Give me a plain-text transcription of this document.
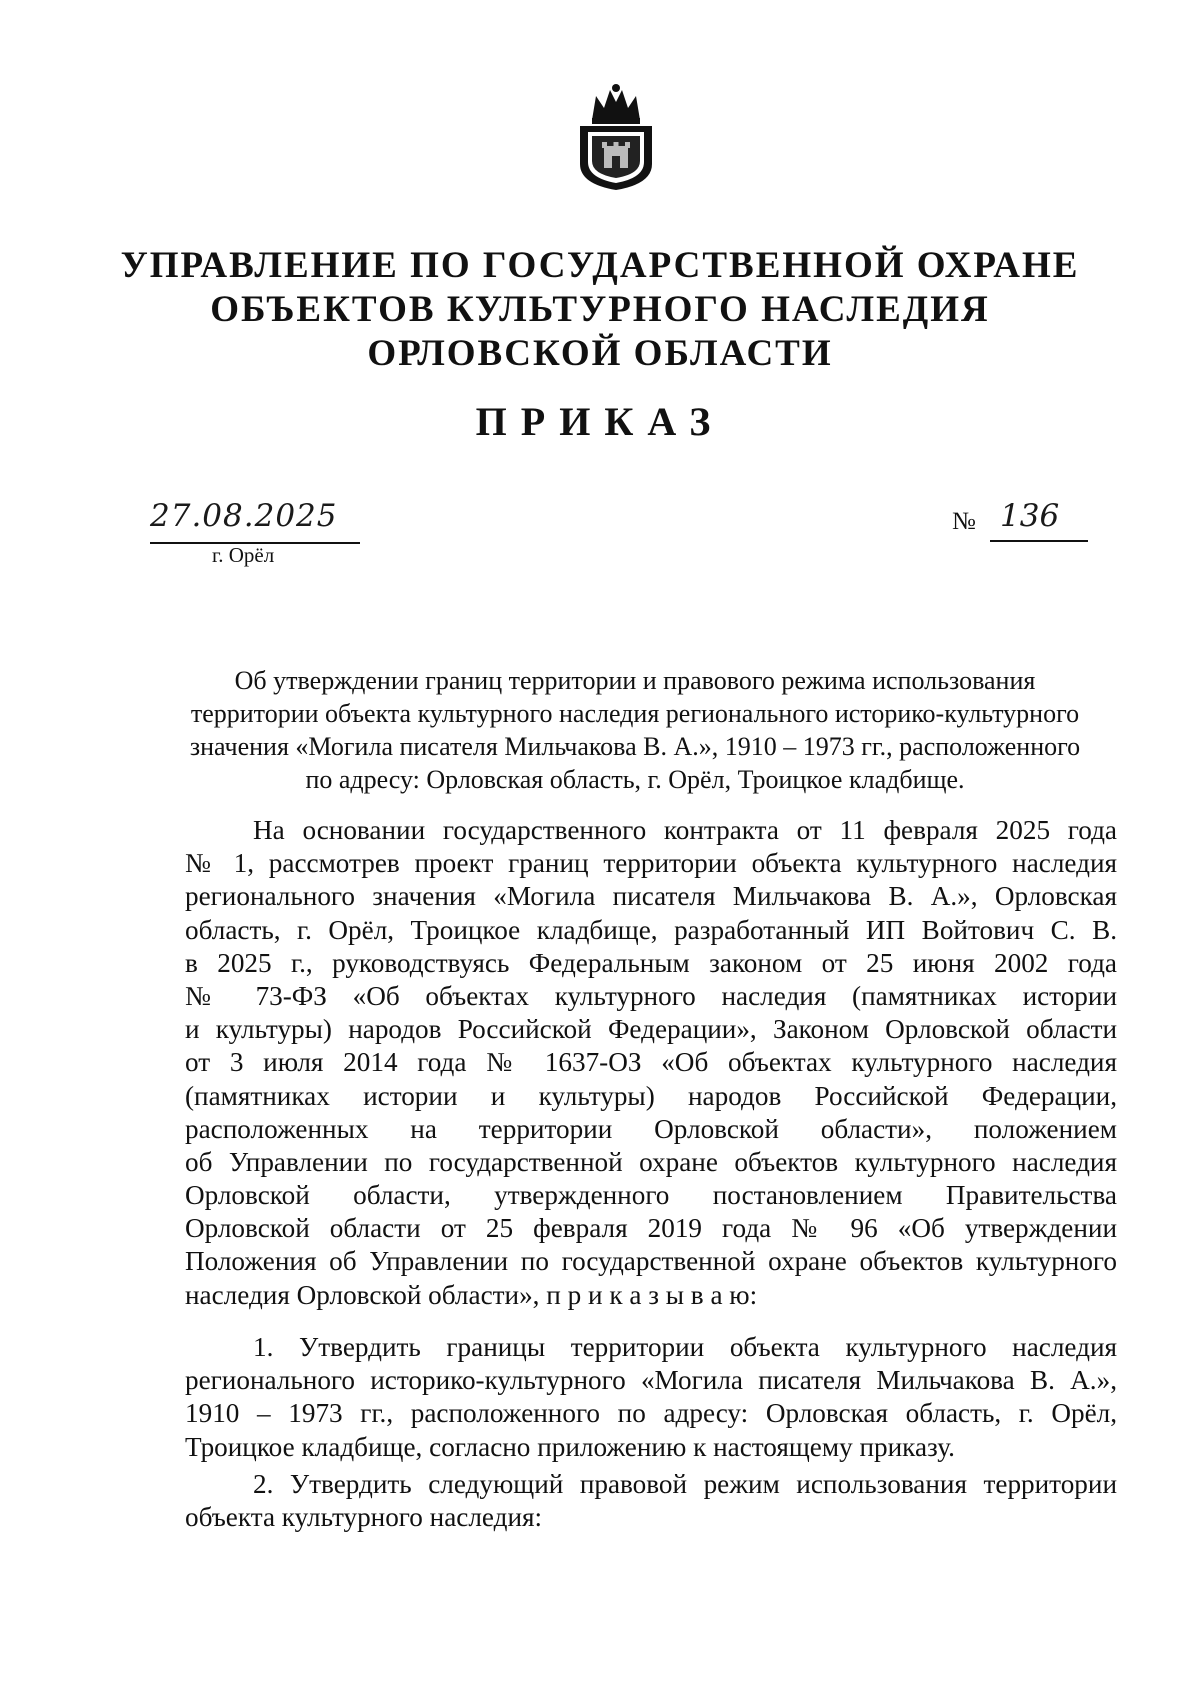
УПРАВЛЕНИЕ ПО ГОСУДАРСТВЕННОЙ ОХРАНЕ
ОБЪЕКТОВ КУЛЬТУРНОГО НАСЛЕДИЯ
ОРЛОВСКОЙ ОБЛАСТИ
ПРИКАЗ
27.08.2025
г. Орёл
№ 136
Об утверждении границ территории и правового режима использования
территории объекта культурного наследия регионального историко-культурного
значения «Могила писателя Мильчакова В. А.», 1910 – 1973 гг., расположенного
по адресу: Орловская область, г. Орёл, Троицкое кладбище.
На основании государственного контракта от 11 февраля 2025 года
№ 1, рассмотрев проект границ территории объекта культурного наследия
регионального значения «Могила писателя Мильчакова В. А.», Орловская
область, г. Орёл, Троицкое кладбище, разработанный ИП Войтович С. В.
в 2025 г., руководствуясь Федеральным законом от 25 июня 2002 года
№ 73-ФЗ «Об объектах культурного наследия (памятниках истории
и культуры) народов Российской Федерации», Законом Орловской области
от 3 июля 2014 года № 1637-ОЗ «Об объектах культурного наследия
(памятниках истории и культуры) народов Российской Федерации,
расположенных на территории Орловской области», положением
об Управлении по государственной охране объектов культурного наследия
Орловской области, утвержденного постановлением Правительства
Орловской области от 25 февраля 2019 года № 96 «Об утверждении
Положения об Управлении по государственной охране объектов культурного
наследия Орловской области», п р и к а з ы в а ю:
1. Утвердить границы территории объекта культурного наследия
регионального историко-культурного «Могила писателя Мильчакова В. А.»,
1910 – 1973 гг., расположенного по адресу: Орловская область, г. Орёл,
Троицкое кладбище, согласно приложению к настоящему приказу.
2. Утвердить следующий правовой режим использования территории
объекта культурного наследия:
